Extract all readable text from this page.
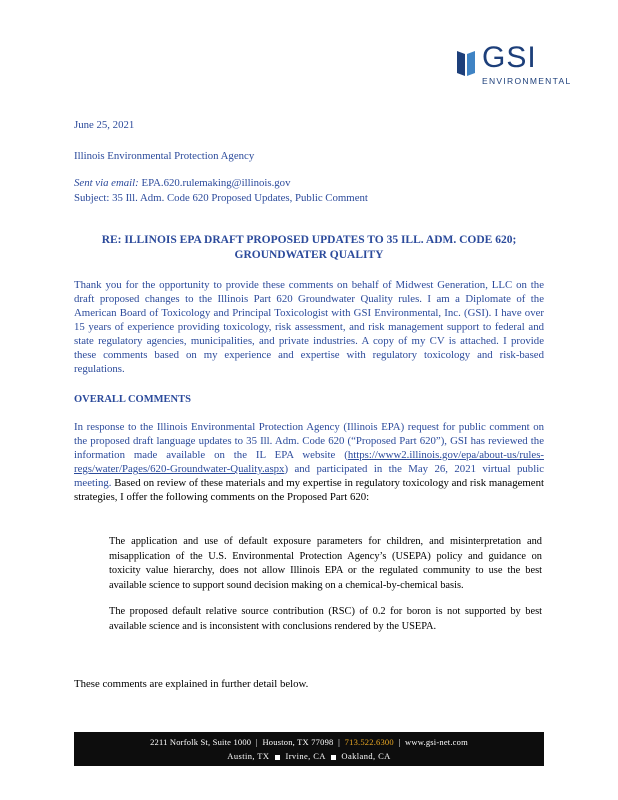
GSI
ENVIRONMENTAL
June 25, 2021
Illinois Environmental Protection Agency
Sent via email: EPA.620.rulemaking@illinois.gov
Subject: 35 Ill. Adm. Code 620 Proposed Updates, Public Comment
RE: ILLINOIS EPA DRAFT PROPOSED UPDATES TO 35 ILL. ADM. CODE 620;
GROUNDWATER QUALITY
Thank you for the opportunity to provide these comments on behalf of Midwest Generation, LLC on the draft proposed changes to the Illinois Part 620 Groundwater Quality rules. I am a Diplomate of the American Board of Toxicology and Principal Toxicologist with GSI Environmental, Inc. (GSI). I have over 15 years of experience providing toxicology, risk assessment, and risk management support to federal and state regulatory agencies, municipalities, and private industries. A copy of my CV is attached. I provide these comments based on my experience and expertise with regulatory toxicology and risk-based regulations.
OVERALL COMMENTS
In response to the Illinois Environmental Protection Agency (Illinois EPA) request for public comment on the proposed draft language updates to 35 Ill. Adm. Code 620 (“Proposed Part 620”), GSI has reviewed the information made available on the IL EPA website (https://www2.illinois.gov/epa/about-us/rules-regs/water/Pages/620-Groundwater-Quality.aspx) and participated in the May 26, 2021 virtual public meeting. Based on review of these materials and my expertise in regulatory toxicology and risk management strategies, I offer the following comments on the Proposed Part 620:

The application and use of default exposure parameters for children, and misinterpretation and misapplication of the U.S. Environmental Protection Agency’s (USEPA) policy and guidance on toxicity value hierarchy, does not allow Illinois EPA or the regulated community to use the best available science to support sound decision making on a chemical-by-chemical basis.

The proposed default relative source contribution (RSC) of 0.2 for boron is not supported by best available science and is inconsistent with conclusions rendered by the USEPA.

These comments are explained in further detail below.
2211 Norfolk St, Suite 1000  |  Houston, TX 77098  |  713.522.6300  |  www.gsi-net.com
Austin, TX Irvine, CA Oakland, CA
